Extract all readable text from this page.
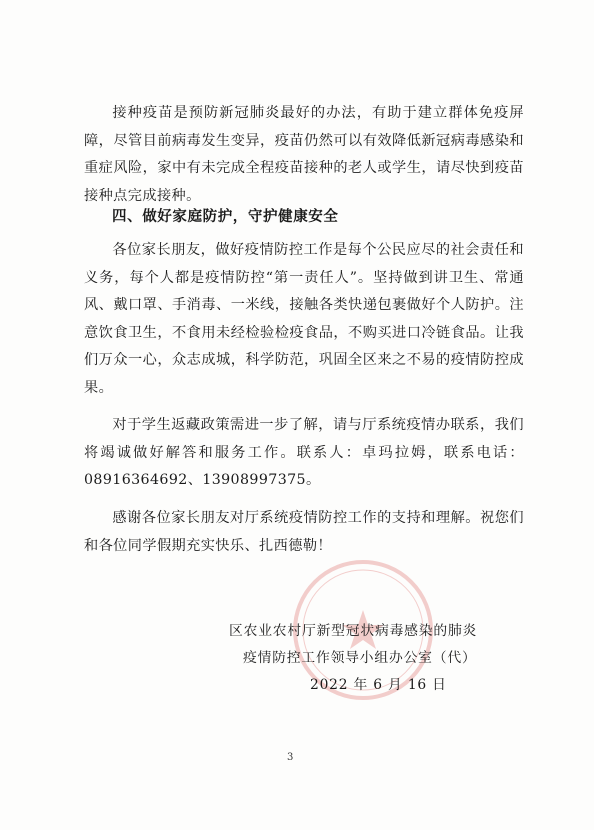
接种疫苗是预防新冠肺炎最好的办法，有助于建立群体免疫屏障，尽管目前病毒发生变异，疫苗仍然可以有效降低新冠病毒感染和重症风险，家中有未完成全程疫苗接种的老人或学生，请尽快到疫苗接种点完成接种。

四、做好家庭防护，守护健康安全

各位家长朋友，做好疫情防控工作是每个公民应尽的社会责任和义务，每个人都是疫情防控“第一责任人”。坚持做到讲卫生、常通风、戴口罩、手消毒、一米线，接触各类快递包裹做好个人防护。注意饮食卫生，不食用未经检验检疫食品，不购买进口冷链食品。让我们万众一心，众志成城，科学防范，巩固全区来之不易的疫情防控成果。

对于学生返藏政策需进一步了解，请与厅系统疫情办联系，我们将竭诚做好解答和服务工作。联系人：卓玛拉姆，联系电话：08916364692、13908997375。

感谢各位家长朋友对厅系统疫情防控工作的支持和理解。祝您们和各位同学假期充实快乐、扎西德勒！

区农业农村厅新型冠状病毒感染的肺炎
疫情防控工作领导小组办公室（代）
2022 年 6 月 16 日
3
